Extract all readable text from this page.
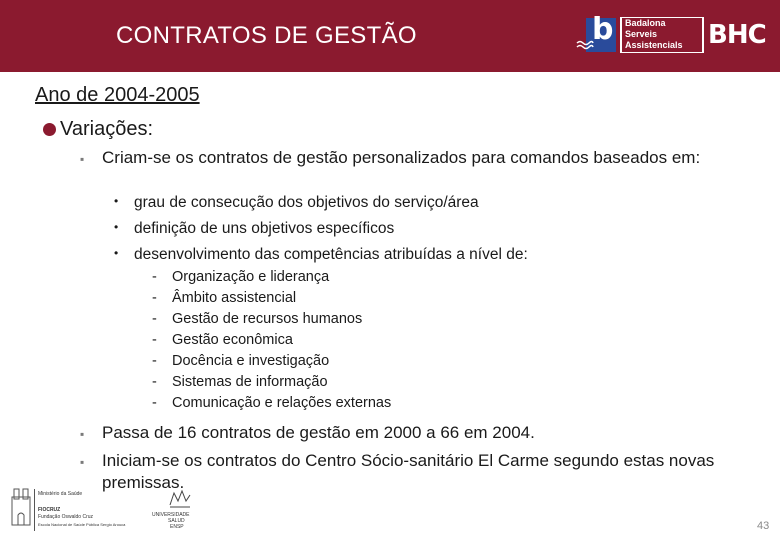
CONTRATOS DE GESTÃO	b Badalona
Serveis
Assistencials BHC
Ano de 2004-2005
Variações:
▪ Criam-se os contratos de gestão personalizados para comandos baseados em:
• grau de consecução dos objetivos do serviço/área
• definição de uns objetivos específicos
• desenvolvimento das competências atribuídas a nível de:
- Organização e liderança
- Âmbito assistencial
- Gestão de recursos humanos
- Gestão econômica
- Docência e investigação
- Sistemas de informação
- Comunicação e relações externas
▪ Passa de 16 contratos de gestão em 2000 a 66 em 2004.
▪ Iniciam-se os contratos do Centro Sócio-sanitário El Carme segundo estas novas premissas.
Ministério da Saúde
FIOCRUZ
Fundação Oswaldo Cruz
Escola Nacional de Saúde Pública Sergio Arouca
UNIVERSIDADE
SALUD
ENSP	43
